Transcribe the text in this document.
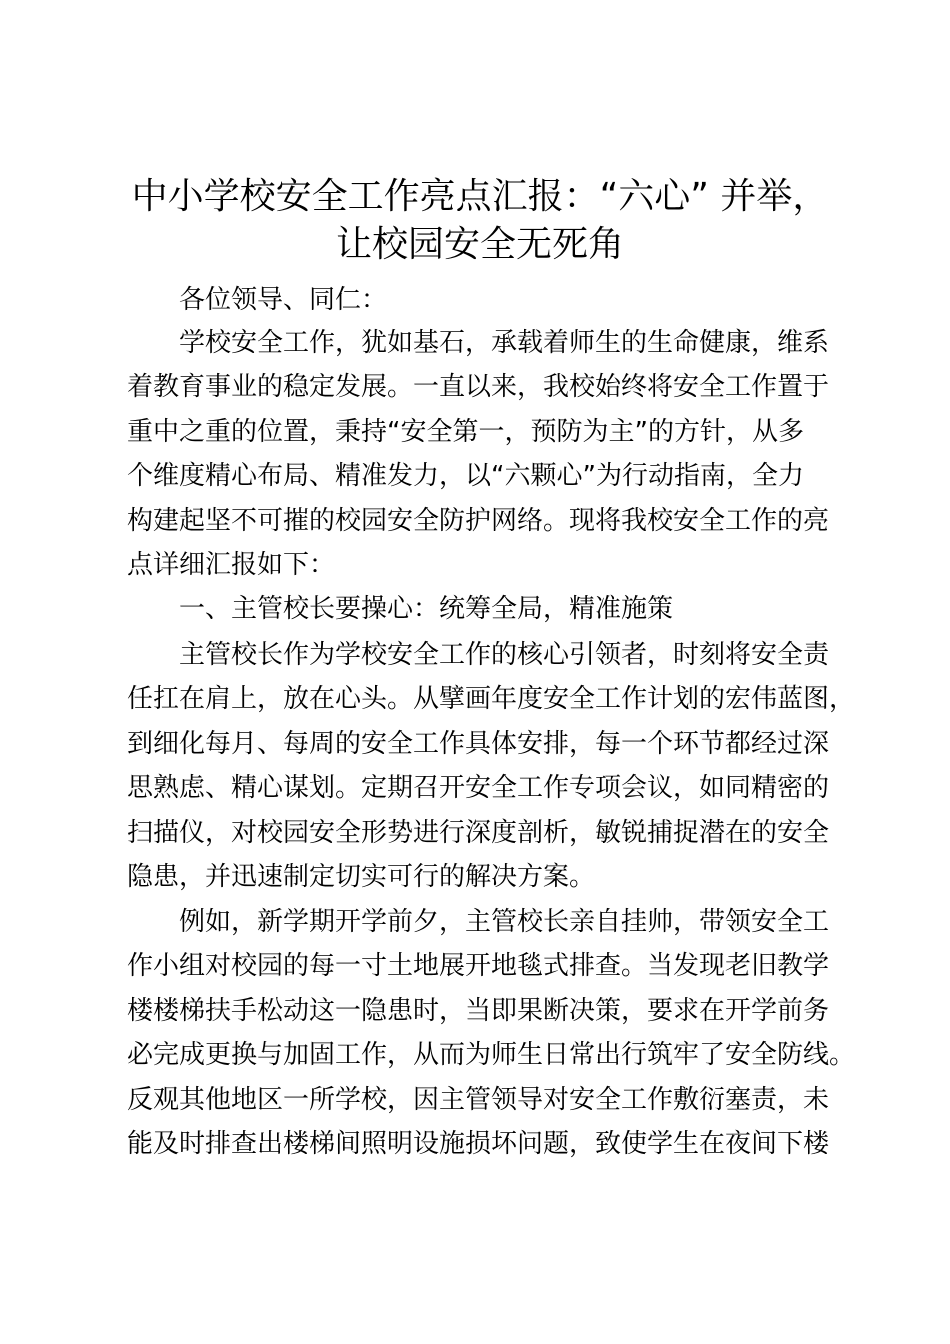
中小学校安全工作亮点汇报：“六心” 并举，
让校园安全无死角
各位领导、同仁：
学校安全工作，犹如基石，承载着师生的生命健康，维系
着教育事业的稳定发展。一直以来，我校始终将安全工作置于
重中之重的位置，秉持“安全第一，预防为主”的方针，从多
个维度精心布局、精准发力，以“六颗心”为行动指南，全力
构建起坚不可摧的校园安全防护网络。现将我校安全工作的亮
点详细汇报如下：
一、主管校长要操心：统筹全局，精准施策
主管校长作为学校安全工作的核心引领者，时刻将安全责
任扛在肩上，放在心头。从擘画年度安全工作计划的宏伟蓝图，
到细化每月、每周的安全工作具体安排，每一个环节都经过深
思熟虑、精心谋划。定期召开安全工作专项会议，如同精密的
扫描仪，对校园安全形势进行深度剖析，敏锐捕捉潜在的安全
隐患，并迅速制定切实可行的解决方案。
例如，新学期开学前夕，主管校长亲自挂帅，带领安全工
作小组对校园的每一寸土地展开地毯式排查。当发现老旧教学
楼楼梯扶手松动这一隐患时，当即果断决策，要求在开学前务
必完成更换与加固工作，从而为师生日常出行筑牢了安全防线。
反观其他地区一所学校，因主管领导对安全工作敷衍塞责，未
能及时排查出楼梯间照明设施损坏问题，致使学生在夜间下楼
